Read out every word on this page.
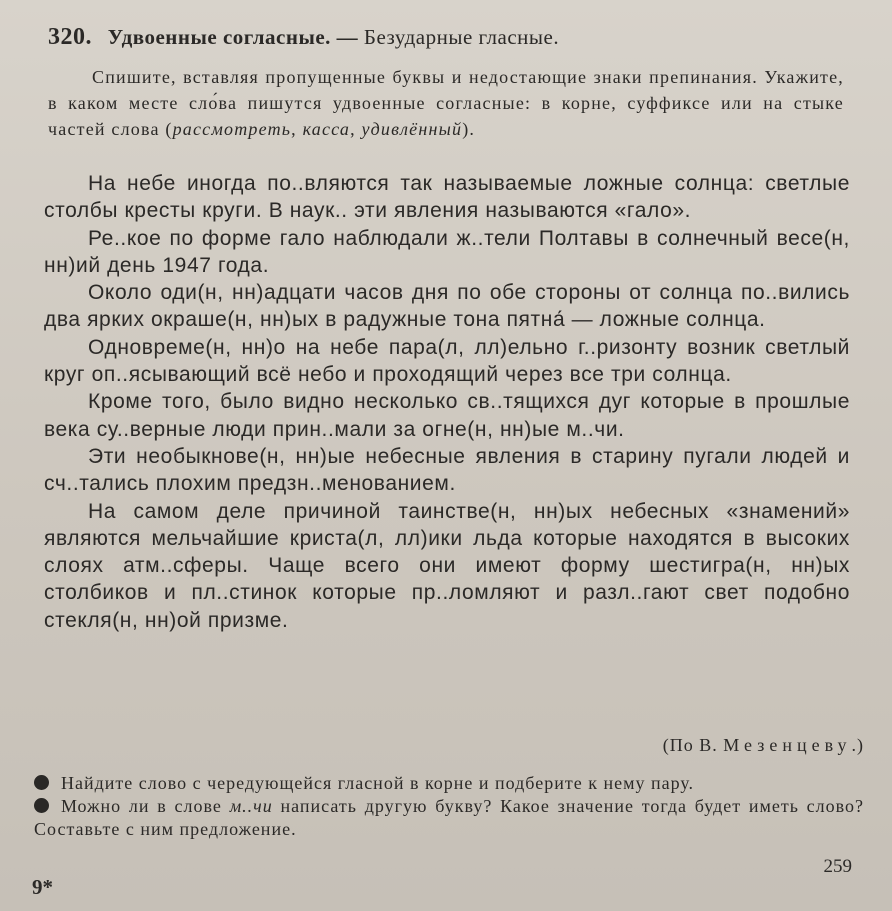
320. Удвоенные согласные. — Безударные гласные.
Спишите, вставляя пропущенные буквы и недостающие знаки препинания. Укажите, в каком месте сло́ва пишутся удвоенные согласные: в корне, суффиксе или на стыке частей слова (рассмотреть, касса, удивлённый).

На небе иногда по..вляются так называемые ложные солнца: светлые столбы кресты круги. В наук.. эти явления называются «гало».

Ре..кое по форме гало наблюдали ж..тели Полтавы в солнечный весе(н, нн)ий день 1947 года.

Около оди(н, нн)адцати часов дня по обе стороны от солнца по..вились два ярких окраше(н, нн)ых в радужные тона пятна́ — ложные солнца.

Одновреме(н, нн)о на небе пара(л, лл)ельно г..ризонту возник светлый круг оп..ясывающий всё небо и проходящий через все три солнца.

Кроме того, было видно несколько св..тящихся дуг которые в прошлые века су..верные люди прин..мали за огне(н, нн)ые м..чи.

Эти необыкнове(н, нн)ые небесные явления в старину пугали людей и сч..тались плохим предзн..менованием.

На самом деле причиной таинстве(н, нн)ых небесных «знамений» являются мельчайшие криста(л, лл)ики льда которые находятся в высоких слоях атм..сферы. Чаще всего они имеют форму шестигра(н, нн)ых столбиков и пл..стинок которые пр..ломляют и разл..гают свет подобно стекля(н, нн)ой призме.

(По В. Мезенцеву.)

Найдите слово с чередующейся гласной в корне и подберите к нему пару.

Можно ли в слове м..чи написать другую букву? Какое значение тогда будет иметь слово? Составьте с ним предложение.

259
9*
